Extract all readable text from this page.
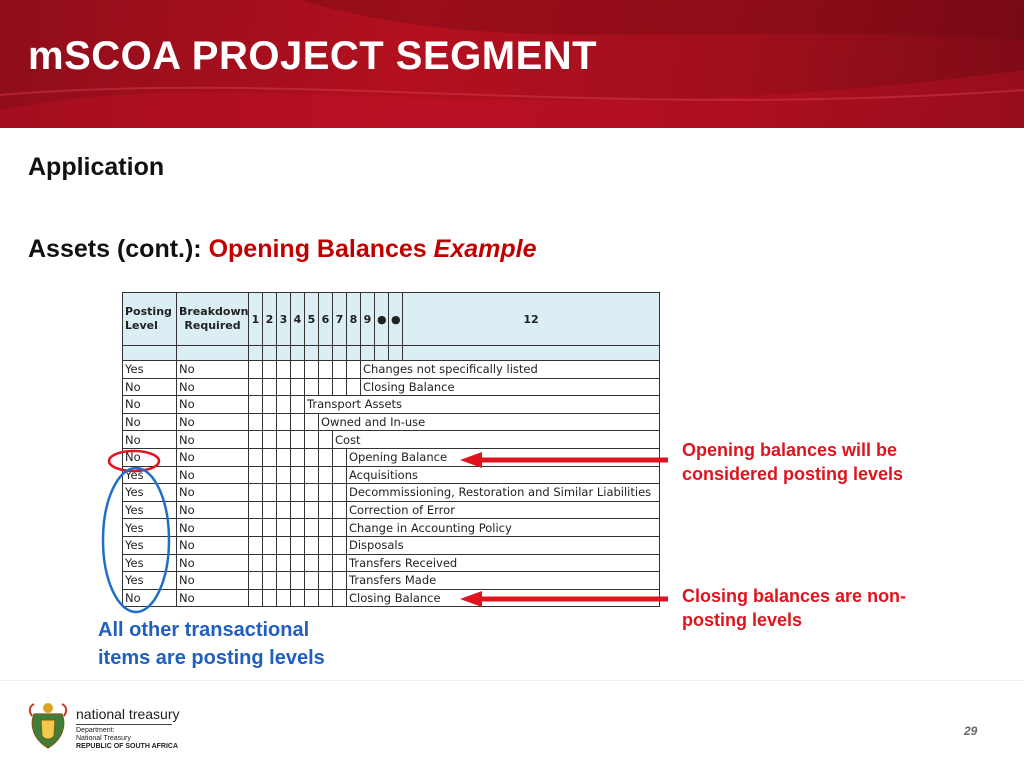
mSCOA PROJECT SEGMENT
Application
Assets (cont.): Opening Balances Example
Posting Level	Breakdown Required	1	2	3	4	5	6	7	8	9	●	●	12

Yes	No									Changes not specifically listed			
No	No									Closing Balance			
No	No					Transport Assets							
No	No						Owned and In-use						
No	No							Cost					
No	No								Opening Balance				
Yes	No								Acquisitions				
Yes	No								Decommissioning, Restoration and Similar Liabilities				
Yes	No								Correction of Error				
Yes	No								Change in Accounting Policy				
Yes	No								Disposals				
Yes	No								Transfers Received				
Yes	No								Transfers Made				
No	No								Closing Balance				
Opening balances will be considered posting levels
Closing balances are non-posting levels
All other transactional items are posting levels
national treasury
Department:
National Treasury
REPUBLIC OF SOUTH AFRICA
29
